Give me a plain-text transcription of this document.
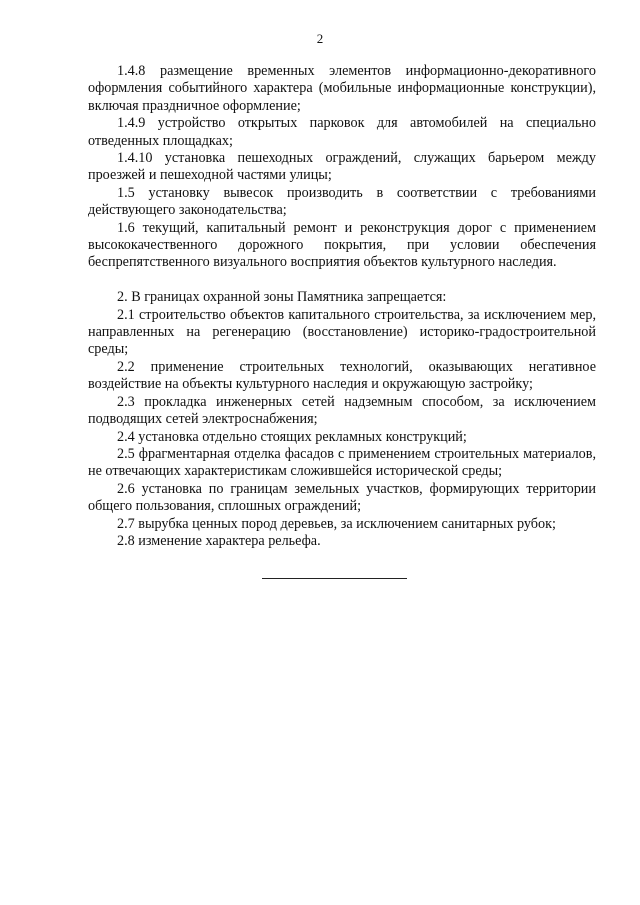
2

1.4.8 размещение временных элементов информационно-декоративного оформления событийного характера (мобильные информационные конструкции), включая праздничное оформление;

1.4.9 устройство открытых парковок для автомобилей на специально отведенных площадках;

1.4.10 установка пешеходных ограждений, служащих барьером между проезжей и пешеходной частями улицы;

1.5 установку вывесок производить в соответствии с требованиями действующего законодательства;

1.6 текущий, капитальный ремонт и реконструкция дорог с применением высококачественного дорожного покрытия, при условии обеспечения беспрепятственного визуального восприятия объектов культурного наследия.

2. В границах охранной зоны Памятника запрещается:

2.1 строительство объектов капитального строительства, за исключением мер, направленных на регенерацию (восстановление) историко-градостроительной среды;

2.2 применение строительных технологий, оказывающих негативное воздействие на объекты культурного наследия и окружающую застройку;

2.3 прокладка инженерных сетей надземным способом, за исключением подводящих сетей электроснабжения;

2.4 установка отдельно стоящих рекламных конструкций;

2.5 фрагментарная отделка фасадов с применением строительных материалов, не отвечающих характеристикам сложившейся исторической среды;

2.6 установка по границам земельных участков, формирующих территории общего пользования, сплошных ограждений;

2.7 вырубка ценных пород деревьев, за исключением санитарных рубок;

2.8 изменение характера рельефа.
